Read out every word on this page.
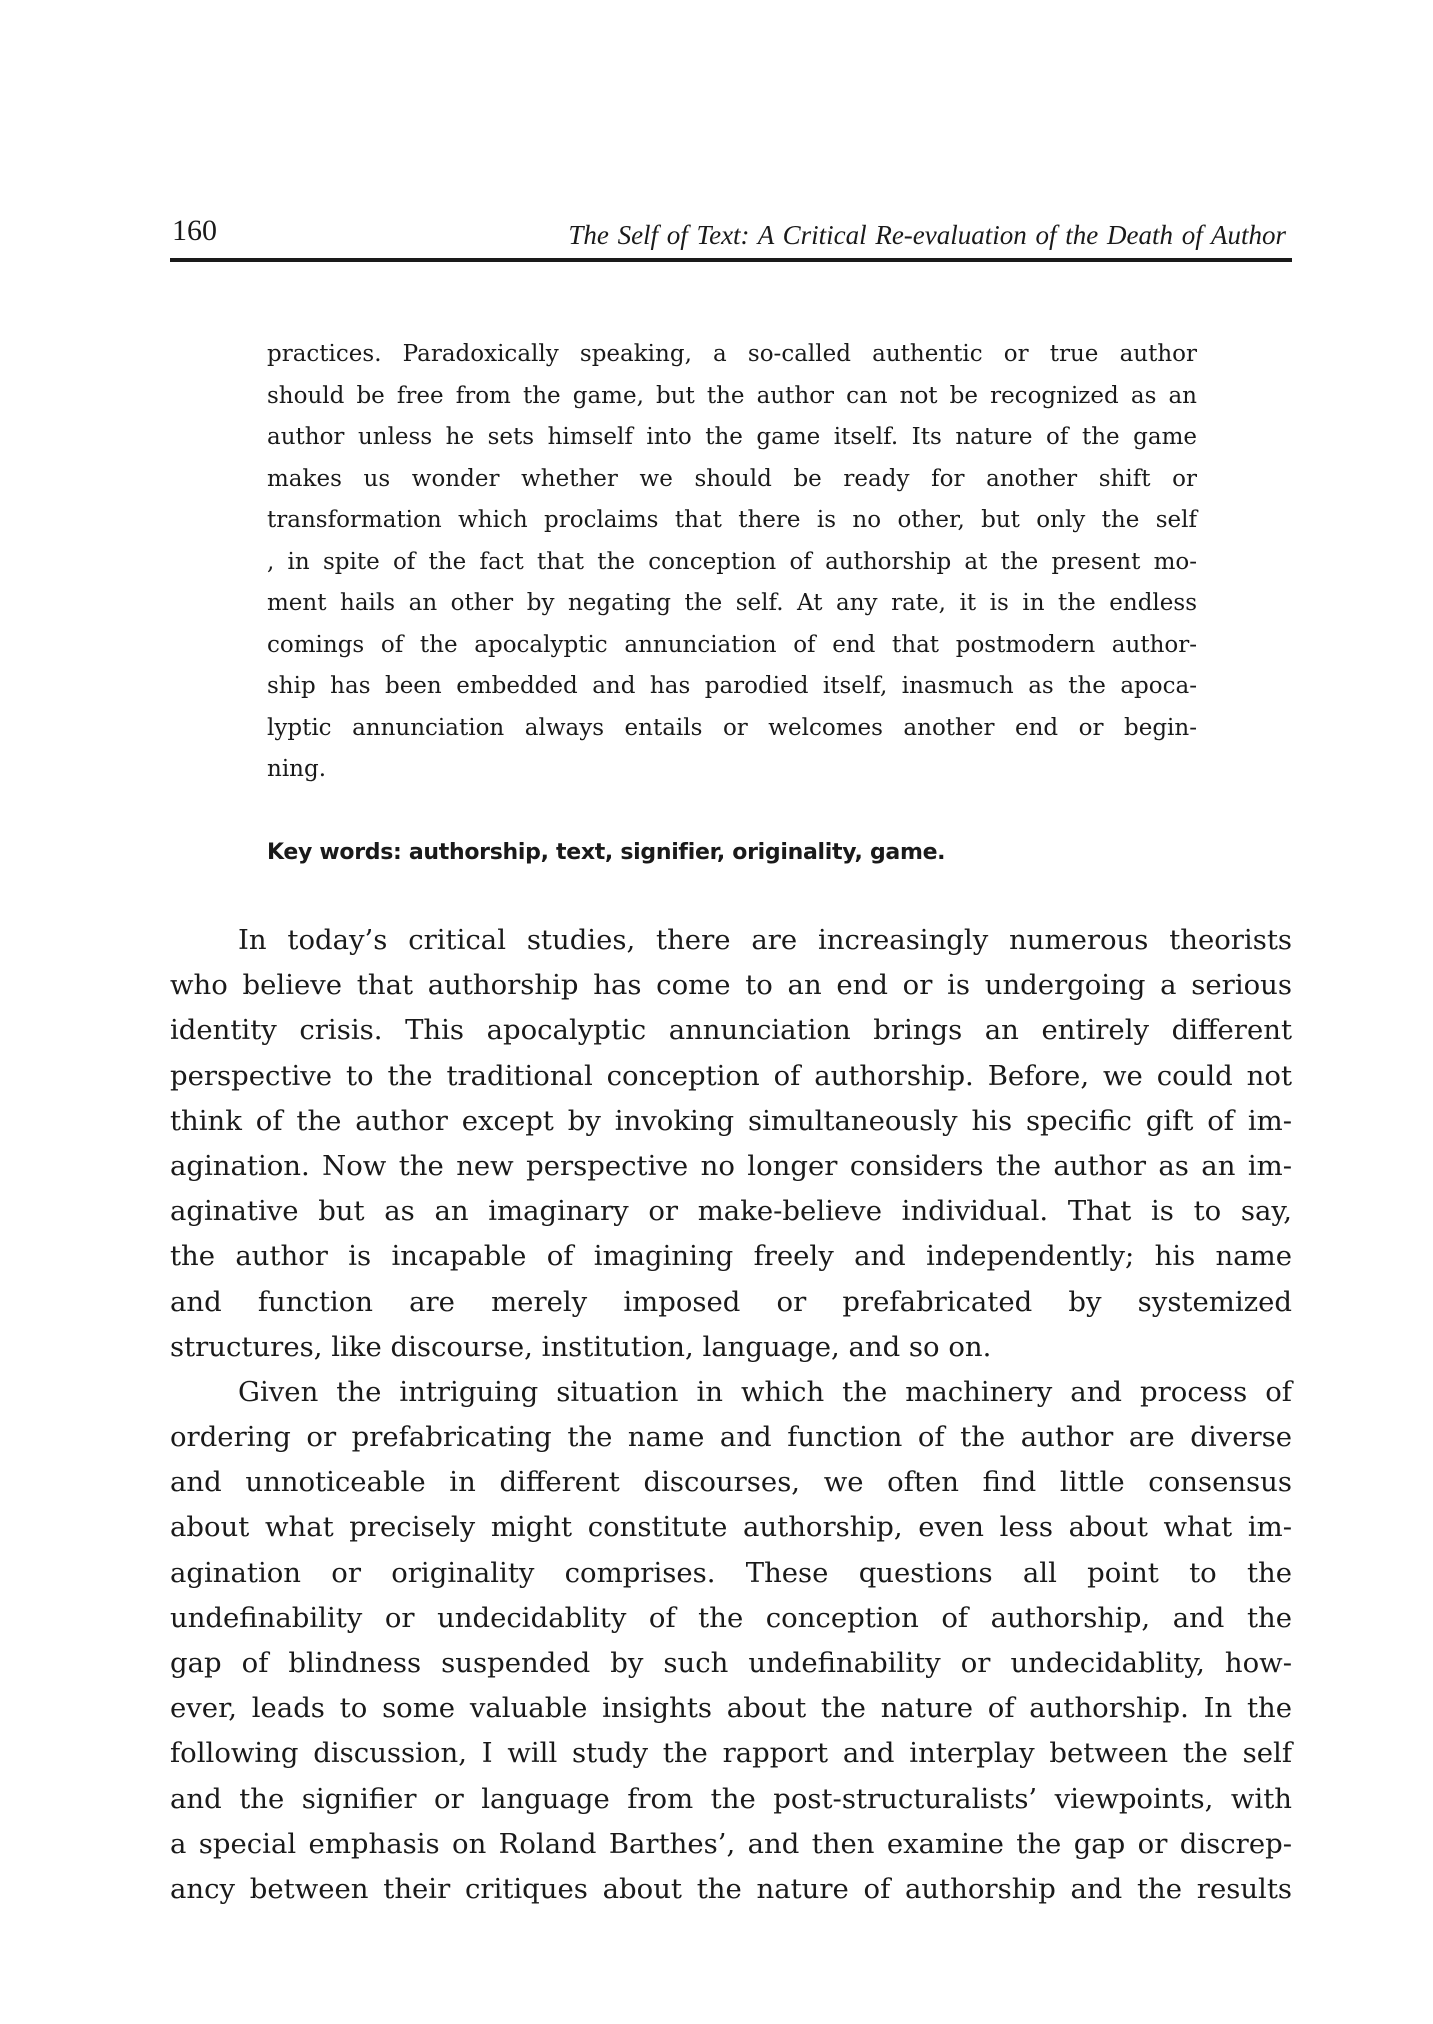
160	The Self of Text: A Critical Re-evaluation of the Death of Author
practices. Paradoxically speaking, a so-called authentic or true author
should be free from the game, but the author can not be recognized as an
author unless he sets himself into the game itself. Its nature of the game
makes us wonder whether we should be ready for another shift or
transformation which proclaims that there is no other, but only the self
, in spite of the fact that the conception of authorship at the present mo-
ment hails an other by negating the self. At any rate, it is in the endless
comings of the apocalyptic annunciation of end that postmodern author-
ship has been embedded and has parodied itself, inasmuch as the apoca-
lyptic annunciation always entails or welcomes another end or begin-
ning.
Key words: authorship, text, signifier, originality, game.
In today’s critical studies, there are increasingly numerous theorists
who believe that authorship has come to an end or is undergoing a serious
identity crisis. This apocalyptic annunciation brings an entirely different
perspective to the traditional conception of authorship. Before, we could not
think of the author except by invoking simultaneously his specific gift of im-
agination. Now the new perspective no longer considers the author as an im-
aginative but as an imaginary or make-believe individual. That is to say,
the author is incapable of imagining freely and independently; his name
and function are merely imposed or prefabricated by systemized
structures, like discourse, institution, language, and so on.
Given the intriguing situation in which the machinery and process of
ordering or prefabricating the name and function of the author are diverse
and unnoticeable in different discourses, we often find little consensus
about what precisely might constitute authorship, even less about what im-
agination or originality comprises. These questions all point to the
undefinability or undecidablity of the conception of authorship, and the
gap of blindness suspended by such undefinability or undecidablity, how-
ever, leads to some valuable insights about the nature of authorship. In the
following discussion, I will study the rapport and interplay between the self
and the signifier or language from the post-structuralists’ viewpoints, with
a special emphasis on Roland Barthes’, and then examine the gap or discrep-
ancy between their critiques about the nature of authorship and the results
